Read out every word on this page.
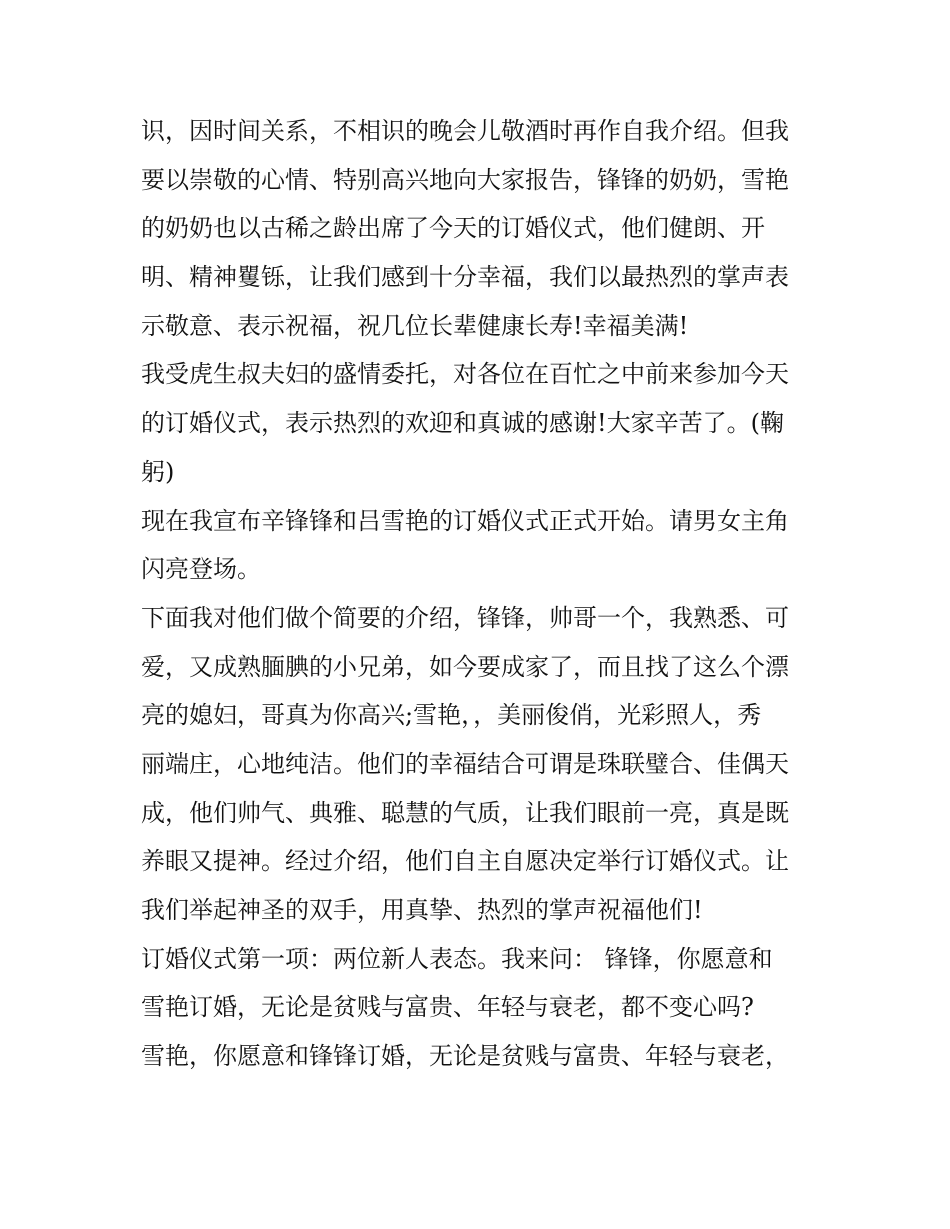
识，因时间关系，不相识的晚会儿敬酒时再作自我介绍。但我
要以崇敬的心情、特别高兴地向大家报告，锋锋的奶奶，雪艳
的奶奶也以古稀之龄出席了今天的订婚仪式，他们健朗、开
明、精神矍铄，让我们感到十分幸福，我们以最热烈的掌声表
示敬意、表示祝福，祝几位长辈健康长寿!幸福美满!
我受虎生叔夫妇的盛情委托，对各位在百忙之中前来参加今天
的订婚仪式，表示热烈的欢迎和真诚的感谢!大家辛苦了。(鞠
躬)
现在我宣布辛锋锋和吕雪艳的订婚仪式正式开始。请男女主角
闪亮登场。
下面我对他们做个简要的介绍，锋锋，帅哥一个，我熟悉、可
爱，又成熟腼腆的小兄弟，如今要成家了，而且找了这么个漂
亮的媳妇，哥真为你高兴;雪艳，，美丽俊俏，光彩照人，秀
丽端庄，心地纯洁。他们的幸福结合可谓是珠联璧合、佳偶天
成，他们帅气、典雅、聪慧的气质，让我们眼前一亮，真是既
养眼又提神。经过介绍，他们自主自愿决定举行订婚仪式。让
我们举起神圣的双手，用真挚、热烈的掌声祝福他们!
订婚仪式第一项：两位新人表态。我来问： 锋锋，你愿意和
雪艳订婚，无论是贫贱与富贵、年轻与衰老，都不变心吗?
雪艳，你愿意和锋锋订婚，无论是贫贱与富贵、年轻与衰老，
